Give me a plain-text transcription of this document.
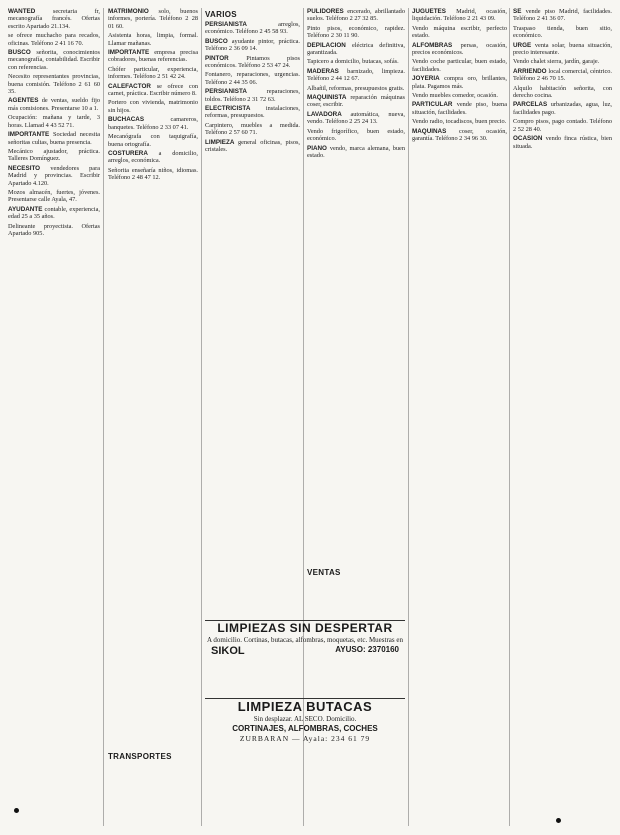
WANTED secretaria fr, mecanografía francés. Ofertas escrito Apartado 21.134.

se ofrece muchacho para recados, oficinas. Teléfono 2 41 16 70.

BUSCO señorita, conocimientos mecanografía, contabilidad. Escribir con referencias.

Necesito representantes provincias, buena comisión. Teléfono 2 61 60 35.

AGENTES de ventas, sueldo fijo más comisiones. Presentarse 10 a 1.

Ocupación: mañana y tarde, 3 horas. Llamad 4 43 52 71.

IMPORTANTE Sociedad necesita señoritas cultas, buena presencia.

Mecánico ajustador, práctica. Talleres Domínguez.

NECESITO vendedores para Madrid y provincias. Escribir Apartado 4.120.

Mozos almacén, fuertes, jóvenes. Presentarse calle Ayala, 47.

AYUDANTE contable, experiencia, edad 25 a 35 años.

Delineante proyectista. Ofertas Apartado 905.

MATRIMONIO solo, buenos informes, portería. Teléfono 2 28 01 60.

Asistenta horas, limpia, formal. Llamar mañanas.

IMPORTANTE empresa precisa cobradores, buenas referencias.

Chófer particular, experiencia, informes. Teléfono 2 51 42 24.

CALEFACTOR se ofrece con carnet, práctica. Escribir número 8.

Portero con vivienda, matrimonio sin hijos.

BUCHACAS camareros, banquetes. Teléfono 2 33 07 41.

Mecanógrafa con taquigrafía, buena ortografía.

COSTURERA a domicilio, arreglos, económica.

Señorita enseñaría niños, idiomas. Teléfono 2 48 47 12.

TRANSPORTES
VARIOS

PERSIANISTA arreglos, económico. Teléfono 2 45 58 93.

BUSCO ayudante pintor, práctica. Teléfono 2 36 09 14.

PINTOR Pintamos pisos económicos. Teléfono 2 53 47 24.

Fontanero, reparaciones, urgencias. Teléfono 2 44 35 06.

PERSIANISTA reparaciones, toldos. Teléfono 2 31 72 63.

ELECTRICISTA instalaciones, reformas, presupuestos.

Carpintero, muebles a medida. Teléfono 2 57 60 71.

LIMPIEZA general oficinas, pisos, cristales.

PULIDORES encerado, abrillantado suelos. Teléfono 2 27 32 85.

Pinto pisos, económico, rapidez. Teléfono 2 30 11 90.

DEPILACION eléctrica definitiva, garantizada.

Tapicero a domicilio, butacas, sofás.

MADERAS barnizado, limpieza. Teléfono 2 44 12 67.

Albañil, reformas, presupuestos gratis.

MAQUINISTA reparación máquinas coser, escribir.

LAVADORA automática, nueva, vendo. Teléfono 2 25 24 13.

Vendo frigorífico, buen estado, económico.

PIANO vendo, marca alemana, buen estado.

VENTAS

JUGUETES Madrid, ocasión, liquidación. Teléfono 2 21 43 09.

Vendo máquina escribir, perfecto estado.

ALFOMBRAS persas, ocasión, precios económicos.

Vendo coche particular, buen estado, facilidades.

JOYERIA compra oro, brillantes, plata. Pagamos más.

Vendo muebles comedor, ocasión.

PARTICULAR vende piso, buena situación, facilidades.

Vendo radio, tocadiscos, buen precio.

MAQUINAS coser, ocasión, garantía. Teléfono 2 34 96 30.

SE vende piso Madrid, facilidades. Teléfono 2 41 36 07.

Traspaso tienda, buen sitio, económico.

URGE venta solar, buena situación, precio interesante.

Vendo chalet sierra, jardín, garaje.

ARRIENDO local comercial, céntrico. Teléfono 2 46 70 15.

Alquilo habitación señorita, con derecho cocina.

PARCELAS urbanizadas, agua, luz, facilidades pago.

Compro pisos, pago contado. Teléfono 2 52 28 40.

OCASION vendo finca rústica, bien situada.

LIMPIEZAS SIN DESPERTAR

A domicilio. Cortinas, butacas, alfombras, moquetas, etc. Muestras en

SIKOL	AYUSO: 2370160

LIMPIEZA BUTACAS

Sin desplazar. AL SECO. Domicilio.

CORTINAJES, ALFOMBRAS, COCHES

ZURBARAN — Ayala: 234 61 79
